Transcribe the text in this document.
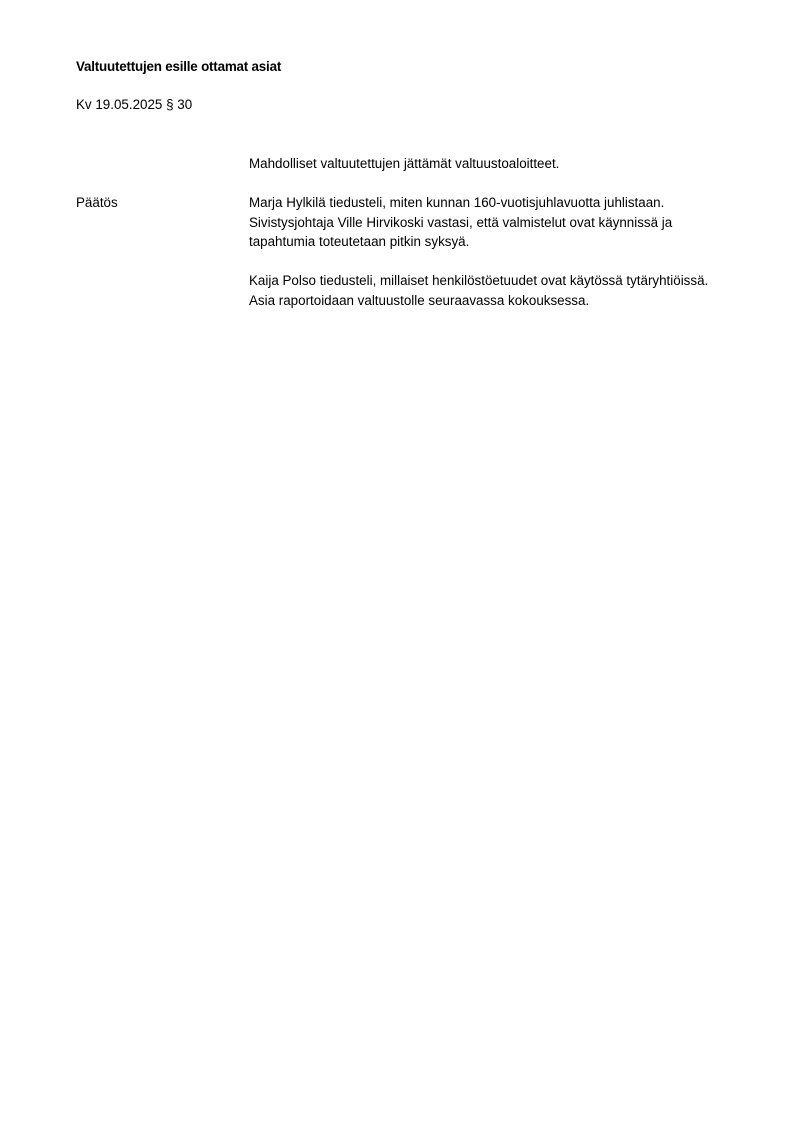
Valtuutettujen esille ottamat asiat
Kv 19.05.2025 § 30
Mahdolliset valtuutettujen jättämät valtuustoaloitteet.
Päätös	Marja Hylkilä tiedusteli, miten kunnan 160-vuotisjuhlavuotta juhlistaan.
Sivistysjohtaja Ville Hirvikoski vastasi, että valmistelut ovat käynnissä ja
tapahtumia toteutetaan pitkin syksyä.
Kaija Polso tiedusteli, millaiset henkilöstöetuudet ovat käytössä tytäryhtiöissä.
Asia raportoidaan valtuustolle seuraavassa kokouksessa.
